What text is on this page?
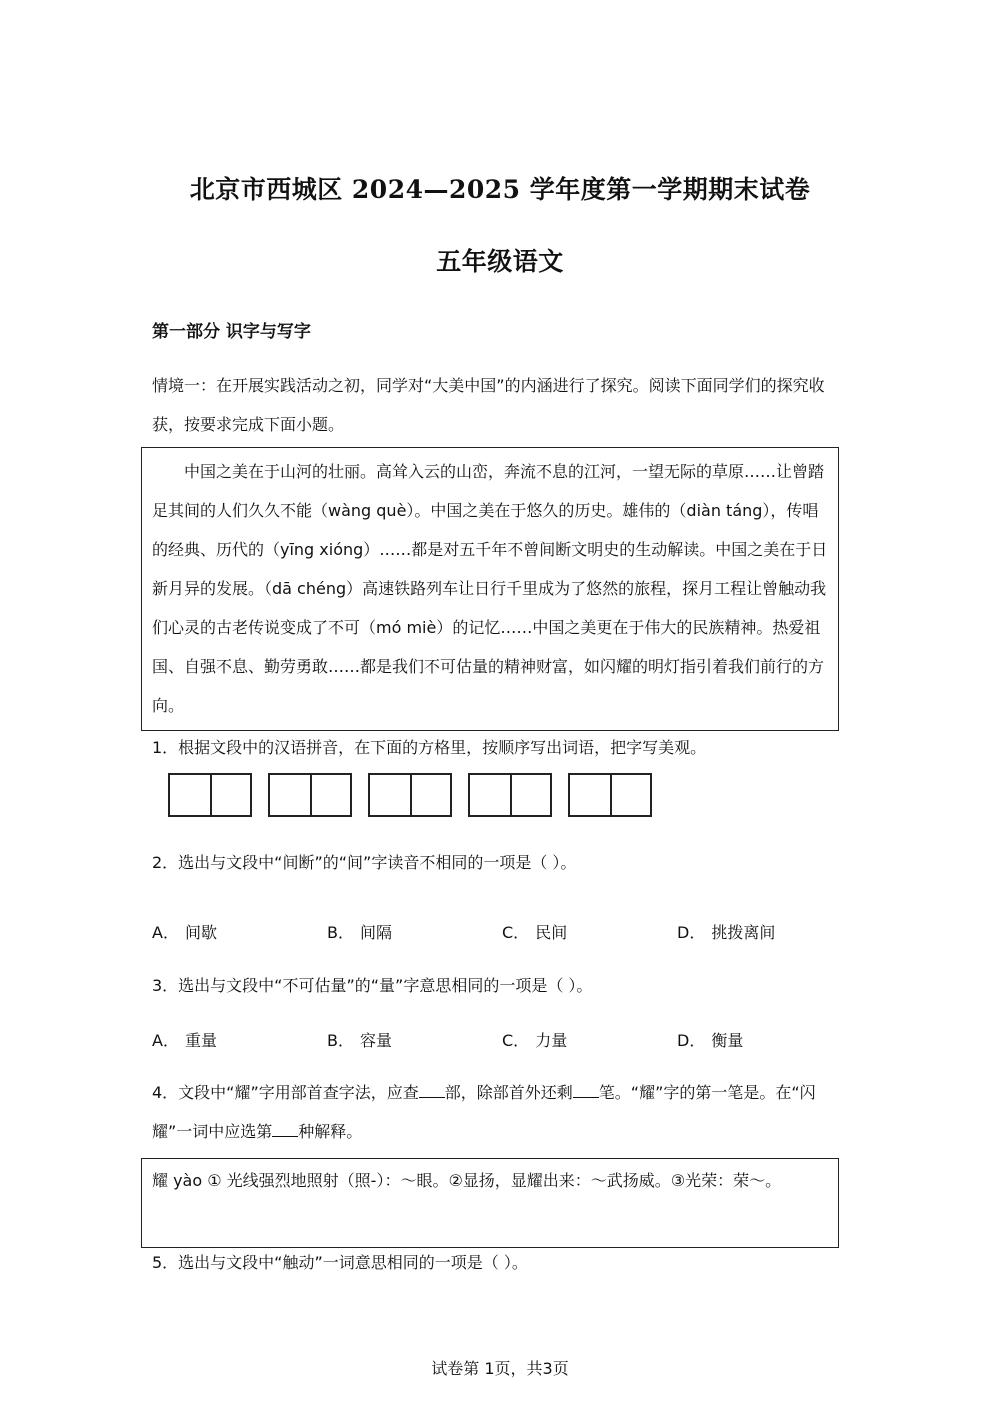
北京市西城区 2024—2025 学年度第一学期期末试卷
五年级语文
第一部分 识字与写字
情境一：在开展实践活动之初，同学对“大美中国”的内涵进行了探究。阅读下面同学们的探究收获，按要求完成下面小题。

中国之美在于山河的壮丽。高耸入云的山峦，奔流不息的江河，一望无际的草原……让曾踏足其间的人们久久不能（wàng què）。中国之美在于悠久的历史。雄伟的（diàn táng），传唱的经典、历代的（yīng xióng）……都是对五千年不曾间断文明史的生动解读。中国之美在于日新月异的发展。（dā chéng）高速铁路列车让日行千里成为了悠然的旅程，探月工程让曾触动我们心灵的古老传说变成了不可（mó miè）的记忆……中国之美更在于伟大的民族精神。热爱祖国、自强不息、勤劳勇敢……都是我们不可估量的精神财富，如闪耀的明灯指引着我们前行的方向。

1．根据文段中的汉语拼音，在下面的方格里，按顺序写出词语，把字写美观。
2．选出与文段中“间断”的“间”字读音不相同的一项是（ ）。
A． 间歇	B． 间隔	C． 民间	D． 挑拨离间
3．选出与文段中“不可估量”的“量”字意思相同的一项是（ ）。
A． 重量	B． 容量	C． 力量	D． 衡量
4．文段中“耀”字用部首查字法，应查 部，除部首外还剩 笔。“耀”字的第一笔是。在“闪耀”一词中应选第 种解释。
耀 yào ① 光线强烈地照射（照-）：～眼。②显扬，显耀出来：～武扬威。③光荣：荣～。
5．选出与文段中“触动”一词意思相同的一项是（ ）。
试卷第 1页，共3页
